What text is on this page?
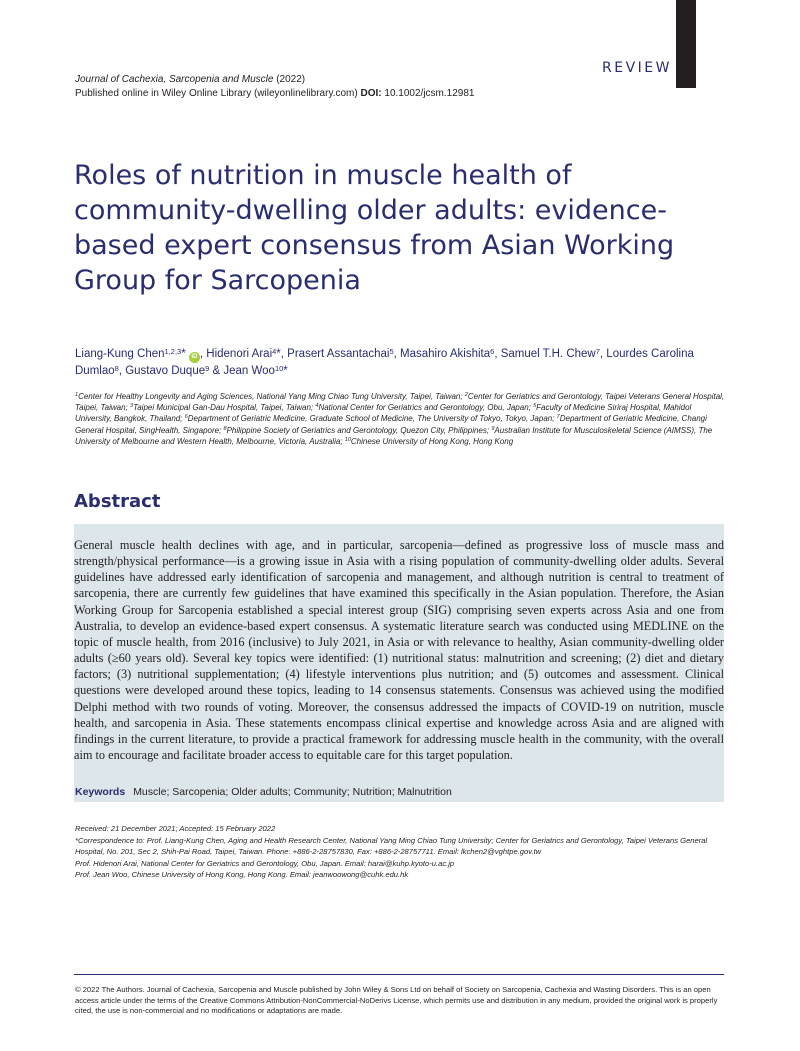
REVIEW
Journal of Cachexia, Sarcopenia and Muscle (2022)
Published online in Wiley Online Library (wileyonlinelibrary.com) DOI: 10.1002/jcsm.12981
Roles of nutrition in muscle health of community-dwelling older adults: evidence-based expert consensus from Asian Working Group for Sarcopenia
Liang-Kung Chen$^{1,2,3}$* iD , Hidenori Arai$^4$*, Prasert Assantachai$^5$, Masahiro Akishita$^6$, Samuel T.H. Chew$^7$, Lourdes Carolina Dumlao$^8$, Gustavo Duque$^9$ & Jean Woo$^{10}$*
$^1$Center for Healthy Longevity and Aging Sciences, National Yang Ming Chiao Tung University, Taipei, Taiwan; $^2$Center for Geriatrics and Gerontology, Taipei Veterans General Hospital, Taipei, Taiwan; $^3$Taipei Municipal Gan-Dau Hospital, Taipei, Taiwan; $^4$National Center for Geriatrics and Gerontology, Obu, Japan; $^5$Faculty of Medicine Siriraj Hospital, Mahidol University, Bangkok, Thailand; $^6$Department of Geriatric Medicine, Graduate School of Medicine, The University of Tokyo, Tokyo, Japan; $^7$Department of Geriatric Medicine, Changi General Hospital, SingHealth, Singapore; $^8$Philippine Society of Geriatrics and Gerontology, Quezon City, Philippines; $^9$Australian Institute for Musculoskeletal Science (AIMSS), The University of Melbourne and Western Health, Melbourne, Victoria, Australia; $^{10}$Chinese University of Hong Kong, Hong Kong
Abstract
General muscle health declines with age, and in particular, sarcopenia—defined as progressive loss of muscle mass and strength/physical performance—is a growing issue in Asia with a rising population of community-dwelling older adults. Several guidelines have addressed early identification of sarcopenia and management, and although nutrition is central to treatment of sarcopenia, there are currently few guidelines that have examined this specifically in the Asian population. Therefore, the Asian Working Group for Sarcopenia established a special interest group (SIG) comprising seven experts across Asia and one from Australia, to develop an evidence-based expert consensus. A systematic literature search was conducted using MEDLINE on the topic of muscle health, from 2016 (inclusive) to July 2021, in Asia or with relevance to healthy, Asian community-dwelling older adults (≥60 years old). Several key topics were identified: (1) nutritional status: malnutrition and screening; (2) diet and dietary factors; (3) nutritional supplementation; (4) lifestyle interventions plus nutrition; and (5) outcomes and assessment. Clinical questions were developed around these topics, leading to 14 consensus statements. Consensus was achieved using the modified Delphi method with two rounds of voting. Moreover, the consensus addressed the impacts of COVID-19 on nutrition, muscle health, and sarcopenia in Asia. These statements encompass clinical expertise and knowledge across Asia and are aligned with findings in the current literature, to provide a practical framework for addressing muscle health in the community, with the overall aim to encourage and facilitate broader access to equitable care for this target population.
Keywords Muscle; Sarcopenia; Older adults; Community; Nutrition; Malnutrition
Received: 21 December 2021; Accepted: 15 February 2022
*Correspondence to: Prof. Liang-Kung Chen, Aging and Health Research Center, National Yang Ming Chiao Tung University; Center for Geriatrics and Gerontology, Taipei Veterans General Hospital, No. 201, Sec 2, Shih-Pai Road, Taipei, Taiwan. Phone: +886-2-28757830, Fax: +886-2-28757711. Email: lkchen2@vghtpe.gov.tw
Prof. Hidenori Arai, National Center for Geriatrics and Gerontology, Obu, Japan. Email: harai@kuhp.kyoto-u.ac.jp
Prof. Jean Woo, Chinese University of Hong Kong, Hong Kong. Email: jeanwoowong@cuhk.edu.hk
© 2022 The Authors. Journal of Cachexia, Sarcopenia and Muscle published by John Wiley & Sons Ltd on behalf of Society on Sarcopenia, Cachexia and Wasting Disorders. This is an open access article under the terms of the Creative Commons Attribution-NonCommercial-NoDerivs License, which permits use and distribution in any medium, provided the original work is properly cited, the use is non-commercial and no modifications or adaptations are made.
